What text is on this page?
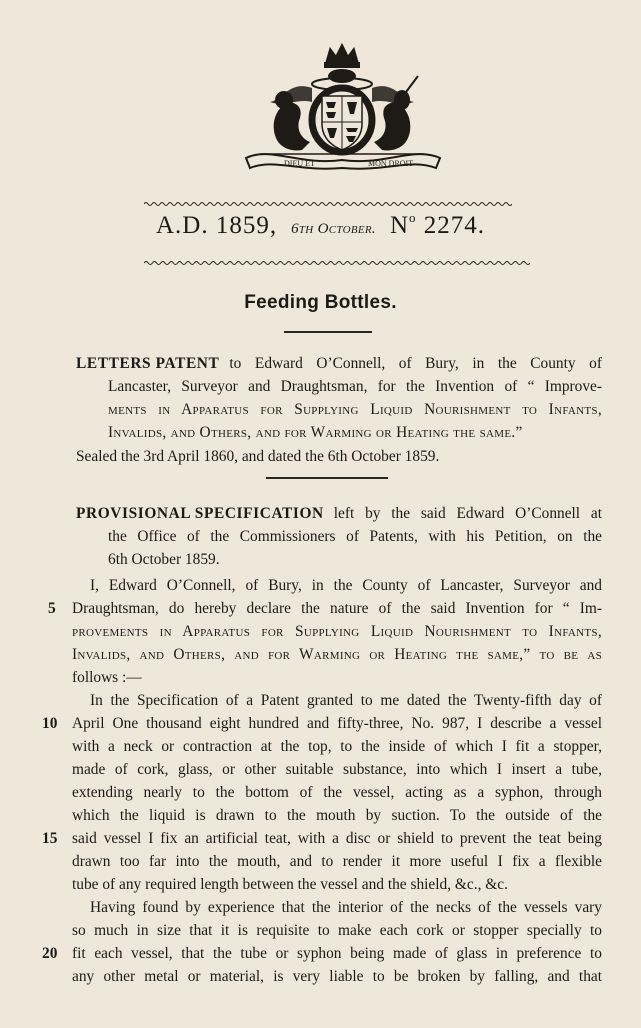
DIEU ET	MON DROIT
A.D. 1859, 6th October. $N^o$ 2274.
Feeding Bottles.
LETTERS PATENT to Edward O’Connell, of Bury, in the County of
Lancaster, Surveyor and Draughtsman, for the Invention of “ Improve-
ments in Apparatus for Supplying Liquid Nourishment to Infants,
Invalids, and Others, and for Warming or Heating the same.”
Sealed the 3rd April 1860, and dated the 6th October 1859.
PROVISIONAL SPECIFICATION left by the said Edward O’Connell at
the Office of the Commissioners of Patents, with his Petition, on the
6th October 1859.
I, Edward O’Connell, of Bury, in the County of Lancaster, Surveyor and
Draughtsman, do hereby declare the nature of the said Invention for “ Im-
provements in Apparatus for Supplying Liquid Nourishment to Infants,
Invalids, and Others, and for Warming or Heating the same,” to be as
follows :—
In the Specification of a Patent granted to me dated the Twenty-fifth day of
April One thousand eight hundred and fifty-three, No. 987, I describe a vessel
with a neck or contraction at the top, to the inside of which I fit a stopper,
made of cork, glass, or other suitable substance, into which I insert a tube,
extending nearly to the bottom of the vessel, acting as a syphon, through
which the liquid is drawn to the mouth by suction. To the outside of the
said vessel I fix an artificial teat, with a disc or shield to prevent the teat being
drawn too far into the mouth, and to render it more useful I fix a flexible
tube of any required length between the vessel and the shield, &c., &c.
Having found by experience that the interior of the necks of the vessels vary
so much in size that it is requisite to make each cork or stopper specially to
fit each vessel, that the tube or syphon being made of glass in preference to
any other metal or material, is very liable to be broken by falling, and that
5
10
15
20
